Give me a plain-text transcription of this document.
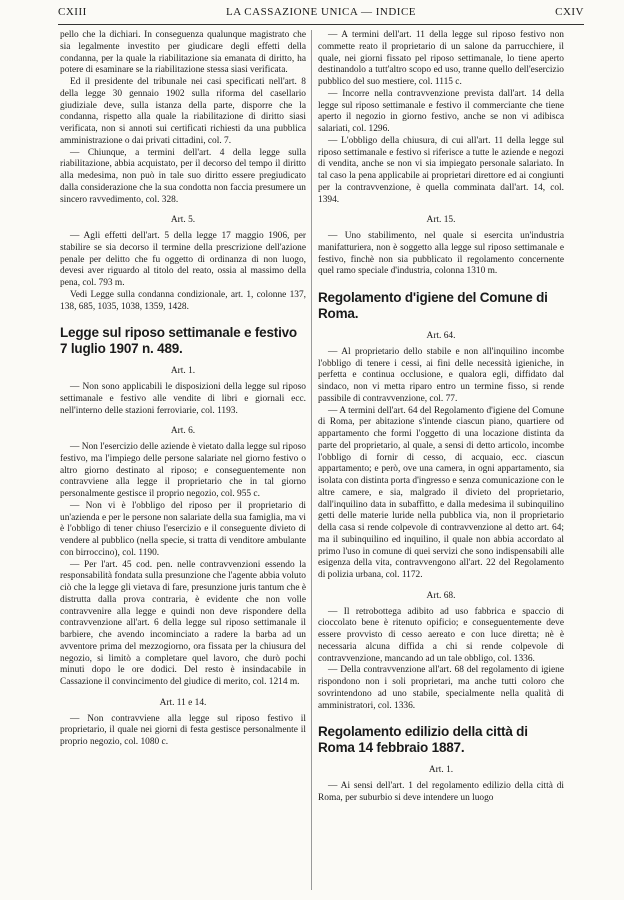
CXIII	LA CASSAZIONE UNICA — INDICE	CXIV

pello che la dichiari. In conseguenza qualunque magistrato che sia legalmente investito per giudicare degli effetti della condanna, per la quale la riabilitazione sia emanata di diritto, ha potere di esaminare se la riabilitazione stessa siasi verificata.

Ed il presidente del tribunale nei casi specificati nell'art. 8 della legge 30 gennaio 1902 sulla riforma del casellario giudiziale deve, sulla istanza della parte, disporre che la condanna, rispetto alla quale la riabilitazione di diritto siasi verificata, non si annoti sui certificati richiesti da una pubblica amministrazione o dai privati cittadini, col. 7.

— Chiunque, a termini dell'art. 4 della legge sulla riabilitazione, abbia acquistato, per il decorso del tempo il diritto alla medesima, non può in tale suo diritto essere pregiudicato dalla considerazione che la sua condotta non faccia presumere un sincero ravvedimento, col. 328.

Art. 5.

— Agli effetti dell'art. 5 della legge 17 maggio 1906, per stabilire se sia decorso il termine della prescrizione dell'azione penale per delitto che fu oggetto di ordinanza di non luogo, devesi aver riguardo al titolo del reato, ossia al massimo della pena, col. 793 m.

Vedi Legge sulla condanna condizionale, art. 1, colonne 137, 138, 685, 1035, 1038, 1359, 1428.

Legge sul riposo settimanale e festivo 7 luglio 1907 n. 489.
Art. 1.

— Non sono applicabili le disposizioni della legge sul riposo settimanale e festivo alle vendite di libri e giornali ecc. nell'interno delle stazioni ferroviarie, col. 1193.

Art. 6.

— Non l'esercizio delle aziende è vietato dalla legge sul riposo festivo, ma l'impiego delle persone salariate nel giorno festivo o altro giorno destinato al riposo; e conseguentemente non contravviene alla legge il proprietario che in tal giorno personalmente gestisce il proprio negozio, col. 955 c.

— Non vi è l'obbligo del riposo per il proprietario di un'azienda e per le persone non salariate della sua famiglia, ma vi è l'obbligo di tener chiuso l'esercizio e il conseguente divieto di vendere al pubblico (nella specie, si tratta di venditore ambulante con birroccino), col. 1190.

— Per l'art. 45 cod. pen. nelle contravvenzioni essendo la responsabilità fondata sulla presunzione che l'agente abbia voluto ciò che la legge gli vietava di fare, presunzione juris tantum che è distrutta dalla prova contraria, è evidente che non volle contravvenire alla legge e quindi non deve rispondere della contravvenzione all'art. 6 della legge sul riposo settimanale il barbiere, che avendo incominciato a radere la barba ad un avventore prima del mezzogiorno, ora fissata per la chiusura del negozio, si limitò a completare quel lavoro, che durò pochi minuti dopo le ore dodici. Del resto è insindacabile in Cassazione il convincimento del giudice di merito, col. 1214 m.

Art. 11 e 14.

— Non contravviene alla legge sul riposo festivo il proprietario, il quale nei giorni di festa gestisce personalmente il proprio negozio, col. 1080 c.

— A termini dell'art. 11 della legge sul riposo festivo non commette reato il proprietario di un salone da parrucchiere, il quale, nei giorni fissato pel riposo settimanale, lo tiene aperto destinandolo a tutt'altro scopo ed uso, tranne quello dell'esercizio pubblico del suo mestiere, col. 1115 c.

— Incorre nella contravvenzione prevista dall'art. 14 della legge sul riposo settimanale e festivo il commerciante che tiene aperto il negozio in giorno festivo, anche se non vi adibisca salariati, col. 1296.

— L'obbligo della chiusura, di cui all'art. 11 della legge sul riposo settimanale e festivo si riferisce a tutte le aziende e negozi di vendita, anche se non vi sia impiegato personale salariato. In tal caso la pena applicabile ai proprietari direttore ed ai congiunti per la contravvenzione, è quella comminata dall'art. 14, col. 1394.

Art. 15.

— Uno stabilimento, nel quale si esercita un'industria manifatturiera, non è soggetto alla legge sul riposo settimanale e festivo, finchè non sia pubblicato il regolamento concernente quel ramo speciale d'industria, colonna 1310 m.

Regolamento d'igiene del Comune di Roma.
Art. 64.

— Al proprietario dello stabile e non all'inquilino incombe l'obbligo di tenere i cessi, ai fini delle necessità igieniche, in perfetta e continua occlusione, e qualora egli, diffidato dal sindaco, non vi metta riparo entro un termine fisso, si rende passibile di contravvenzione, col. 77.

— A termini dell'art. 64 del Regolamento d'igiene del Comune di Roma, per abitazione s'intende ciascun piano, quartiere od appartamento che formi l'oggetto di una locazione distinta da parte del proprietario, al quale, a sensi di detto articolo, incombe l'obbligo di fornir di cesso, di acquaio, ecc. ciascun appartamento; e però, ove una camera, in ogni appartamento, sia isolata con distinta porta d'ingresso e senza comunicazione con le altre camere, e sia, malgrado il divieto del proprietario, dall'inquilino data in subaffitto, e dalla medesima il subinquilino getti delle materie luride nella pubblica via, non il proprietario della casa si rende colpevole di contravvenzione al detto art. 64; ma il subinquilino ed inquilino, il quale non abbia accordato al primo l'uso in comune di quei servizi che sono indispensabili alle esigenza della vita, contravvengono all'art. 22 del Regolamento di polizia urbana, col. 1172.

Art. 68.

— Il retrobottega adibito ad uso fabbrica e spaccio di cioccolato bene è ritenuto opificio; e conseguentemente deve essere provvisto di cesso aereato e con luce diretta; nè è necessaria alcuna diffida a chi si rende colpevole di contravvenzione, mancando ad un tale obbligo, col. 1336.

— Della contravvenzione all'art. 68 del regolamento di igiene rispondono non i soli proprietari, ma anche tutti coloro che sovrintendono ad uno stabile, specialmente nella qualità di amministratori, col. 1336.

Regolamento edilizio della città di Roma 14 febbraio 1887.
Art. 1.

— Ai sensi dell'art. 1 del regolamento edilizio della città di Roma, per suburbio si deve intendere un luogo
